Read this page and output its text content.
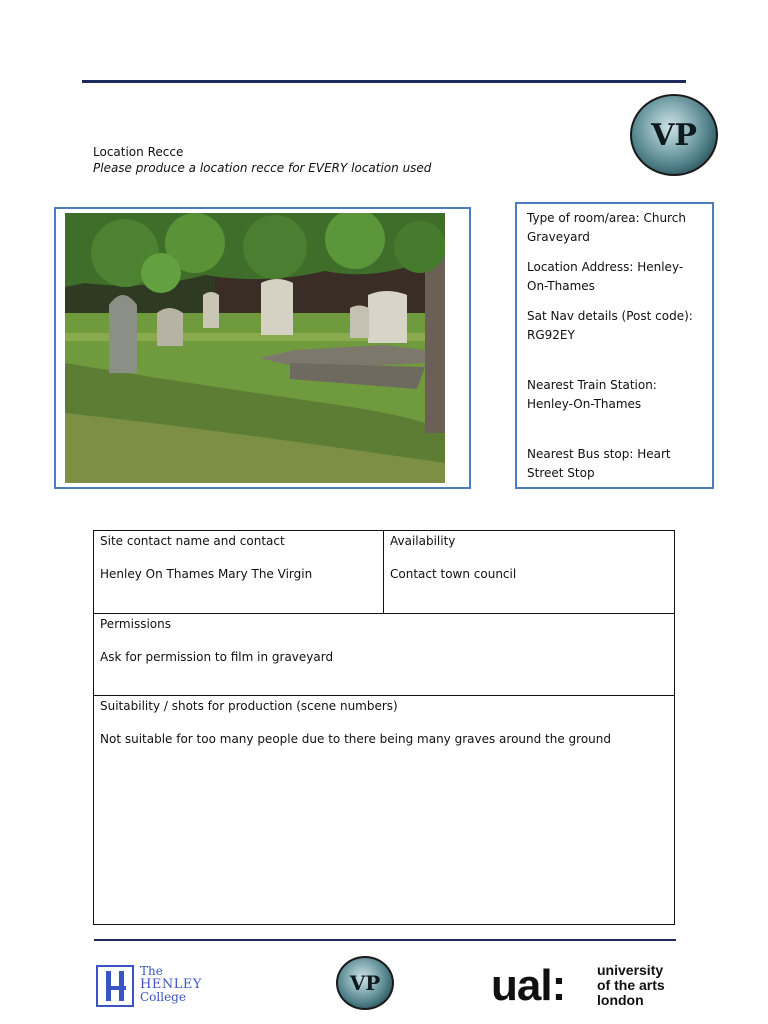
VP
Location Recce
Please produce a location recce for EVERY location used

Type of room/area: Church Graveyard

Location Address: Henley-On-Thames

Sat Nav details (Post code): RG92EY

Nearest Train Station: Henley-On-Thames

Nearest Bus stop: Heart Street Stop

Site contact name and contact
Henley On Thames Mary The Virgin
Availability
Contact town council
Permissions
Ask for permission to film in graveyard
Suitability / shots for production (scene numbers)
Not suitable for too many people due to there being many graves around the ground
The
HENLEY
College
VP	ual: university
of the arts
london
